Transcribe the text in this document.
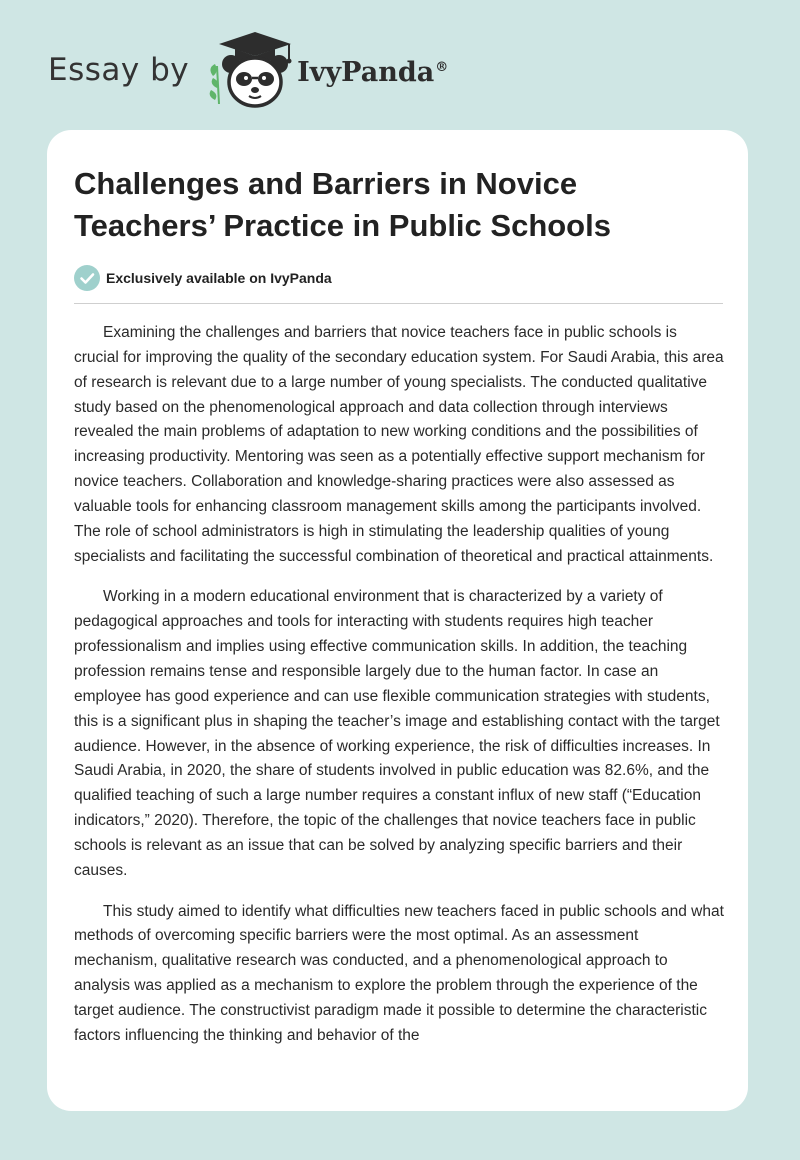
Essay by	IvyPanda®
Challenges and Barriers in Novice Teachers’ Practice in Public Schools
Exclusively available on IvyPanda

Examining the challenges and barriers that novice teachers face in public schools is crucial for improving the quality of the secondary education system. For Saudi Arabia, this area of research is relevant due to a large number of young specialists. The conducted qualitative study based on the phenomenological approach and data collection through interviews revealed the main problems of adaptation to new working conditions and the possibilities of increasing productivity. Mentoring was seen as a potentially effective support mechanism for novice teachers. Collaboration and knowledge-sharing practices were also assessed as valuable tools for enhancing classroom management skills among the participants involved. The role of school administrators is high in stimulating the leadership qualities of young specialists and facilitating the successful combination of theoretical and practical attainments.

Working in a modern educational environment that is characterized by a variety of pedagogical approaches and tools for interacting with students requires high teacher professionalism and implies using effective communication skills. In addition, the teaching profession remains tense and responsible largely due to the human factor. In case an employee has good experience and can use flexible communication strategies with students, this is a significant plus in shaping the teacher’s image and establishing contact with the target audience. However, in the absence of working experience, the risk of difficulties increases. In Saudi Arabia, in 2020, the share of students involved in public education was 82.6%, and the qualified teaching of such a large number requires a constant influx of new staff (“Education indicators,” 2020). Therefore, the topic of the challenges that novice teachers face in public schools is relevant as an issue that can be solved by analyzing specific barriers and their causes.

This study aimed to identify what difficulties new teachers faced in public schools and what methods of overcoming specific barriers were the most optimal. As an assessment mechanism, qualitative research was conducted, and a phenomenological approach to analysis was applied as a mechanism to explore the problem through the experience of the target audience. The constructivist paradigm made it possible to determine the characteristic factors influencing the thinking and behavior of the
